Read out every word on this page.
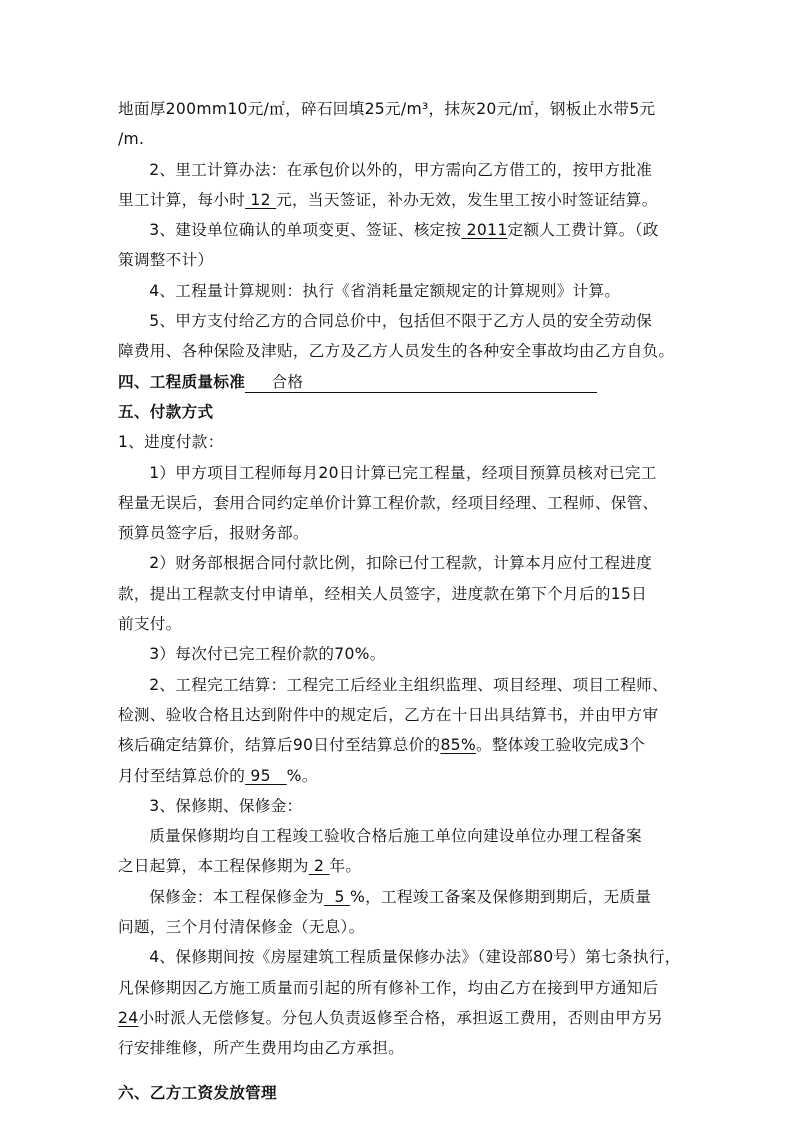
地面厚200mm10元/㎡，碎石回填25元/m³，抹灰20元/㎡，钢板止水带5元

/m.

2、里工计算办法：在承包价以外的，甲方需向乙方借工的，按甲方批准

里工计算，每小时 12 元，当天签证，补办无效，发生里工按小时签证结算。

3、建设单位确认的单项变更、签证、核定按 2011定额人工费计算。（政

策调整不计）

4、工程量计算规则：执行《省消耗量定额规定的计算规则》计算。

5、甲方支付给乙方的合同总价中，包括但不限于乙方人员的安全劳动保

障费用、各种保险及津贴，乙方及乙方人员发生的各种安全事故均由乙方自负。

四、工程质量标准 合格

五、付款方式

1、进度付款：

1）甲方项目工程师每月20日计算已完工程量，经项目预算员核对已完工

程量无误后，套用合同约定单价计算工程价款，经项目经理、工程师、保管、

预算员签字后，报财务部。

2）财务部根据合同付款比例，扣除已付工程款，计算本月应付工程进度

款，提出工程款支付申请单，经相关人员签字，进度款在第下个月后的15日

前支付。

3）每次付已完工程价款的70%。

2、工程完工结算：工程完工后经业主组织监理、项目经理、项目工程师、

检测、验收合格且达到附件中的规定后，乙方在十日出具结算书，并由甲方审

核后确定结算价，结算后90日付至结算总价的85%。整体竣工验收完成3个

月付至结算总价的 95 %。

3、保修期、保修金：

质量保修期均自工程竣工验收合格后施工单位向建设单位办理工程备案

之日起算，本工程保修期为 2 年。

保修金：本工程保修金为 5 %，工程竣工备案及保修期到期后，无质量

问题，三个月付清保修金（无息）。

4、保修期间按《房屋建筑工程质量保修办法》（建设部80号）第七条执行，

凡保修期因乙方施工质量而引起的所有修补工作，均由乙方在接到甲方通知后

24小时派人无偿修复。分包人负责返修至合格，承担返工费用，否则由甲方另

行安排维修，所产生费用均由乙方承担。

六、乙方工资发放管理
